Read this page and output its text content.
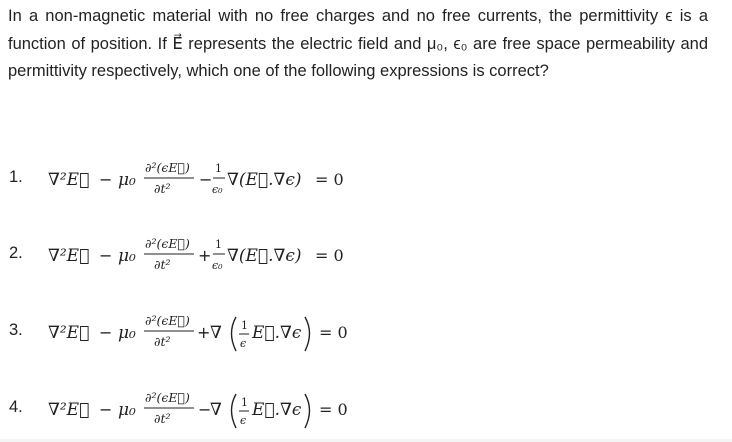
In a non-magnetic material with no free charges and no free currents, the permittivity ϵ is a function of position. If E⃗ represents the electric field and μ₀, ϵ₀ are free space permeability and permittivity respectively, which one of the following expressions is correct?
1. ∇²E⃗ − μ₀
∂²(ϵE⃗)
∂t² −
1
ϵ₀ ∇(E⃗.∇ϵ) = 0
2. ∇²E⃗ − μ₀
∂²(ϵE⃗)
∂t² +
1
ϵ₀ ∇(E⃗.∇ϵ) = 0
3. ∇²E⃗ − μ₀
∂²(ϵE⃗)
∂t² + ∇ 1
ϵ
E⃗.∇ϵ = 0
4. ∇²E⃗ − μ₀
∂²(ϵE⃗)
∂t² −
∇ 1
ϵ
E⃗.∇ϵ = 0
